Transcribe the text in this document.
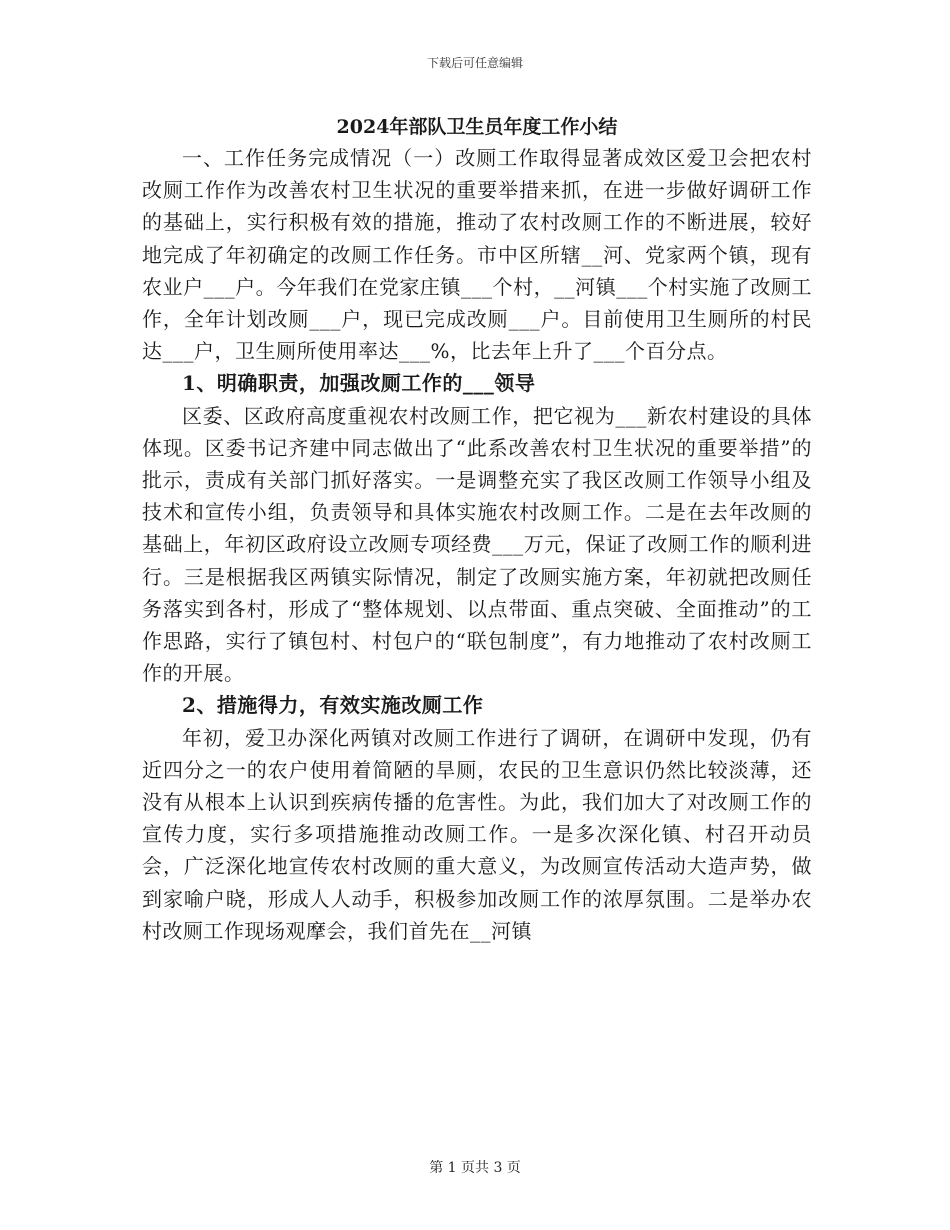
下载后可任意编辑
2024年部队卫生员年度工作小结

一、工作任务完成情况（一）改厕工作取得显著成效区爱卫会把农村改厕工作作为改善农村卫生状况的重要举措来抓，在进一步做好调研工作的基础上，实行积极有效的措施，推动了农村改厕工作的不断进展，较好地完成了年初确定的改厕工作任务。市中区所辖__河、党家两个镇，现有农业户___户。今年我们在党家庄镇___个村，__河镇___个村实施了改厕工作，全年计划改厕___户，现已完成改厕___户。目前使用卫生厕所的村民达___户，卫生厕所使用率达___%，比去年上升了___个百分点。

1、明确职责，加强改厕工作的___领导

区委、区政府高度重视农村改厕工作，把它视为___新农村建设的具体体现。区委书记齐建中同志做出了“此系改善农村卫生状况的重要举措”的批示，责成有关部门抓好落实。一是调整充实了我区改厕工作领导小组及技术和宣传小组，负责领导和具体实施农村改厕工作。二是在去年改厕的基础上，年初区政府设立改厕专项经费___万元，保证了改厕工作的顺利进行。三是根据我区两镇实际情况，制定了改厕实施方案，年初就把改厕任务落实到各村，形成了“整体规划、以点带面、重点突破、全面推动”的工作思路，实行了镇包村、村包户的“联包制度”，有力地推动了农村改厕工作的开展。

2、措施得力，有效实施改厕工作

年初，爱卫办深化两镇对改厕工作进行了调研，在调研中发现，仍有近四分之一的农户使用着简陋的旱厕，农民的卫生意识仍然比较淡薄，还没有从根本上认识到疾病传播的危害性。为此，我们加大了对改厕工作的宣传力度，实行多项措施推动改厕工作。一是多次深化镇、村召开动员会，广泛深化地宣传农村改厕的重大意义，为改厕宣传活动大造声势，做到家喻户晓，形成人人动手，积极参加改厕工作的浓厚氛围。二是举办农村改厕工作现场观摩会，我们首先在__河镇

第 1 页共 3 页
